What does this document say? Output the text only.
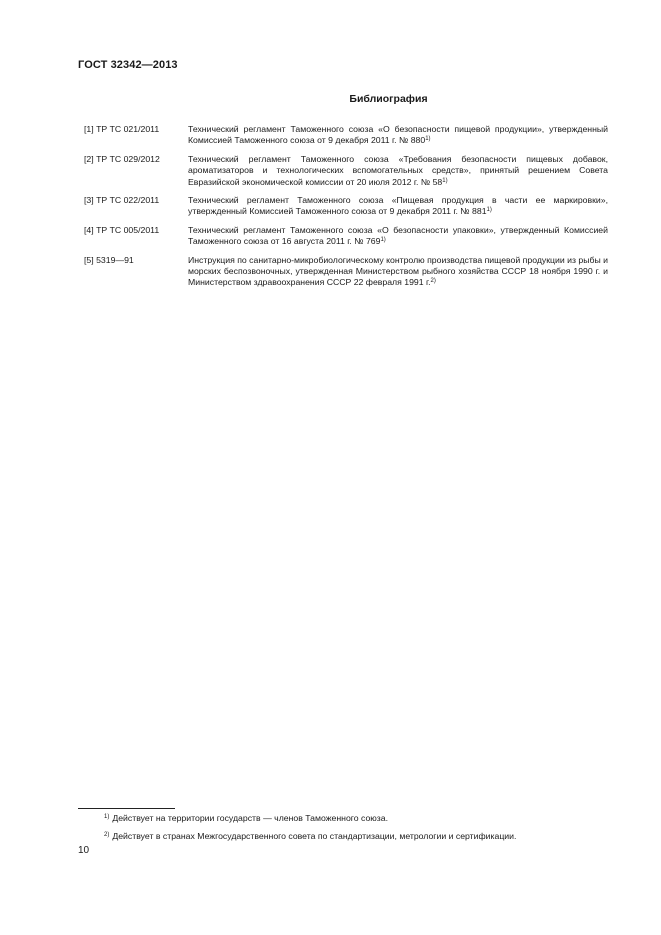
ГОСТ 32342—2013
Библиография
[1] ТР ТС 021/2011	Технический регламент Таможенного союза «О безопасности пищевой продукции», утвержденный Комиссией Таможенного союза от 9 декабря 2011 г. № 880$^{1)}$
[2] ТР ТС 029/2012	Технический регламент Таможенного союза «Требования безопасности пищевых добавок, ароматизаторов и технологических вспомогательных средств», принятый решением Совета Евразийской экономической комиссии от 20 июля 2012 г. № 58$^{1)}$
[3] ТР ТС 022/2011	Технический регламент Таможенного союза «Пищевая продукция в части ее маркировки», утвержденный Комиссией Таможенного союза от 9 декабря 2011 г. № 881$^{1)}$
[4] ТР ТС 005/2011	Технический регламент Таможенного союза «О безопасности упаковки», утвержденный Комиссией Таможенного союза от 16 августа 2011 г. № 769$^{1)}$
[5] 5319—91	Инструкция по санитарно-микробиологическому контролю производства пищевой продукции из рыбы и морских беспозвоночных, утвержденная Министерством рыбного хозяйства СССР 18 ноября 1990 г. и Министерством здравоохранения СССР 22 февраля 1991 г.$^{2)}$
$^{1)}$ Действует на территории государств — членов Таможенного союза.
$^{2)}$ Действует в странах Межгосударственного совета по стандартизации, метрологии и сертификации.
10
